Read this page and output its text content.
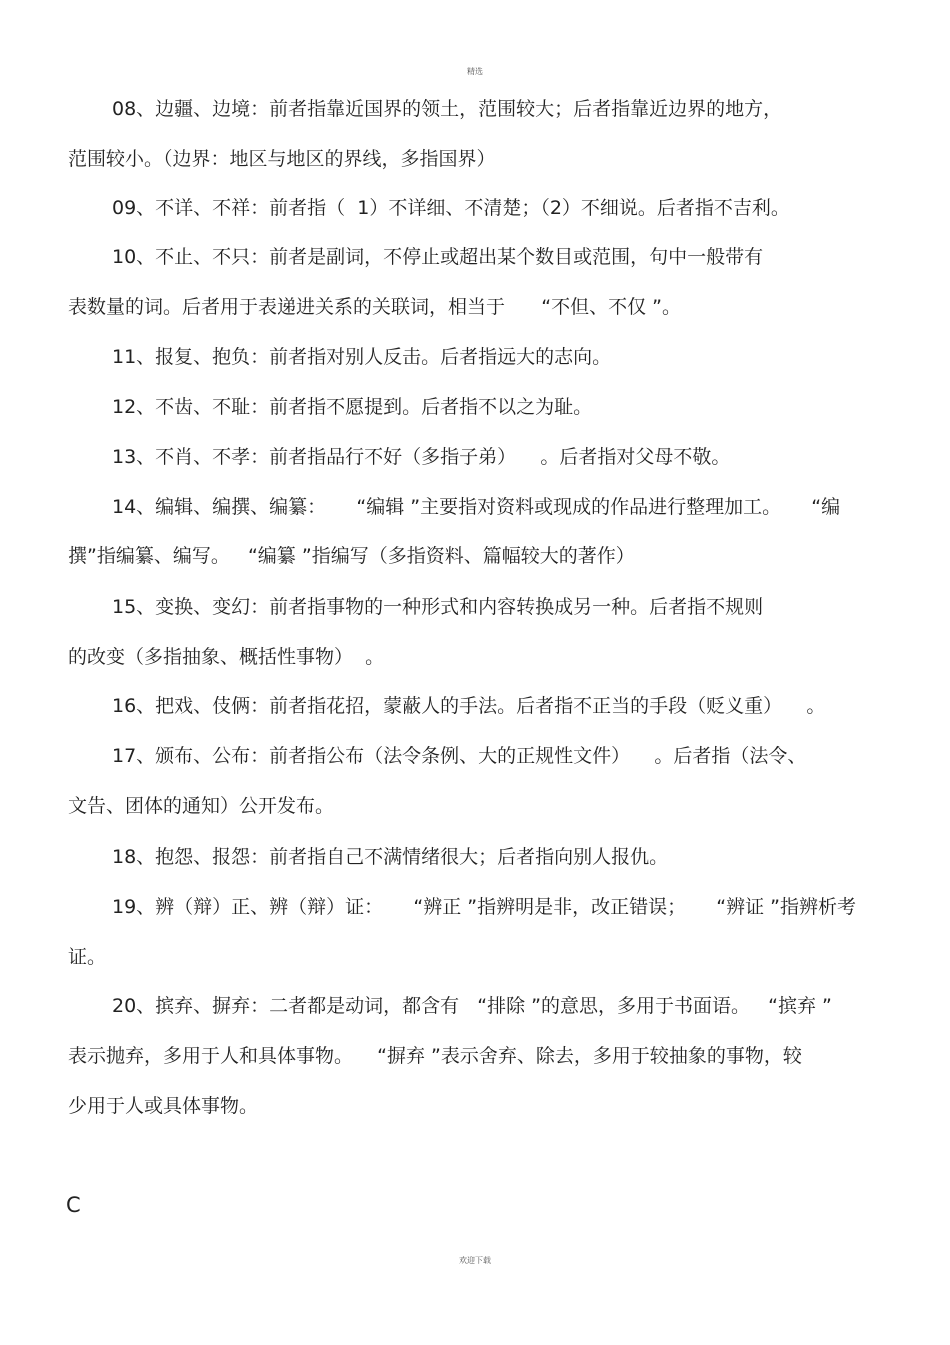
精选
08、边疆、边境：前者指靠近国界的领土，范围较大；后者指靠近边界的地方，
范围较小。（边界：地区与地区的界线，多指国界）
09、不详、不祥：前者指（  1）不详细、不清楚；（2）不细说。后者指不吉利。
10、不止、不只：前者是副词，不停止或超出某个数目或范围，句中一般带有
表数量的词。后者用于表递进关系的关联词，相当于      “不但、不仅 ”。
11、报复、抱负：前者指对别人反击。后者指远大的志向。
12、不齿、不耻：前者指不愿提到。后者指不以之为耻。
13、不肖、不孝：前者指品行不好（多指子弟）    。后者指对父母不敬。
14、编辑、编撰、编纂：     “编辑 ”主要指对资料或现成的作品进行整理加工。     “编
撰”指编纂、编写。   “编纂 ”指编写（多指资料、篇幅较大的著作）
15、变换、变幻：前者指事物的一种形式和内容转换成另一种。后者指不规则
的改变（多指抽象、概括性事物）  。
16、把戏、伎俩：前者指花招，蒙蔽人的手法。后者指不正当的手段（贬义重）    。
17、颁布、公布：前者指公布（法令条例、大的正规性文件）    。后者指（法令、
文告、团体的通知）公开发布。
18、抱怨、报怨：前者指自己不满情绪很大；后者指向别人报仇。
19、辨（辩）正、辨（辩）证：     “辨正 ”指辨明是非，改正错误；     “辨证 ”指辨析考
证。
20、摈弃、摒弃：二者都是动词，都含有   “排除 ”的意思，多用于书面语。   “摈弃 ”
表示抛弃，多用于人和具体事物。    “摒弃 ”表示舍弃、除去，多用于较抽象的事物，较
少用于人或具体事物。
C
欢迎下载
